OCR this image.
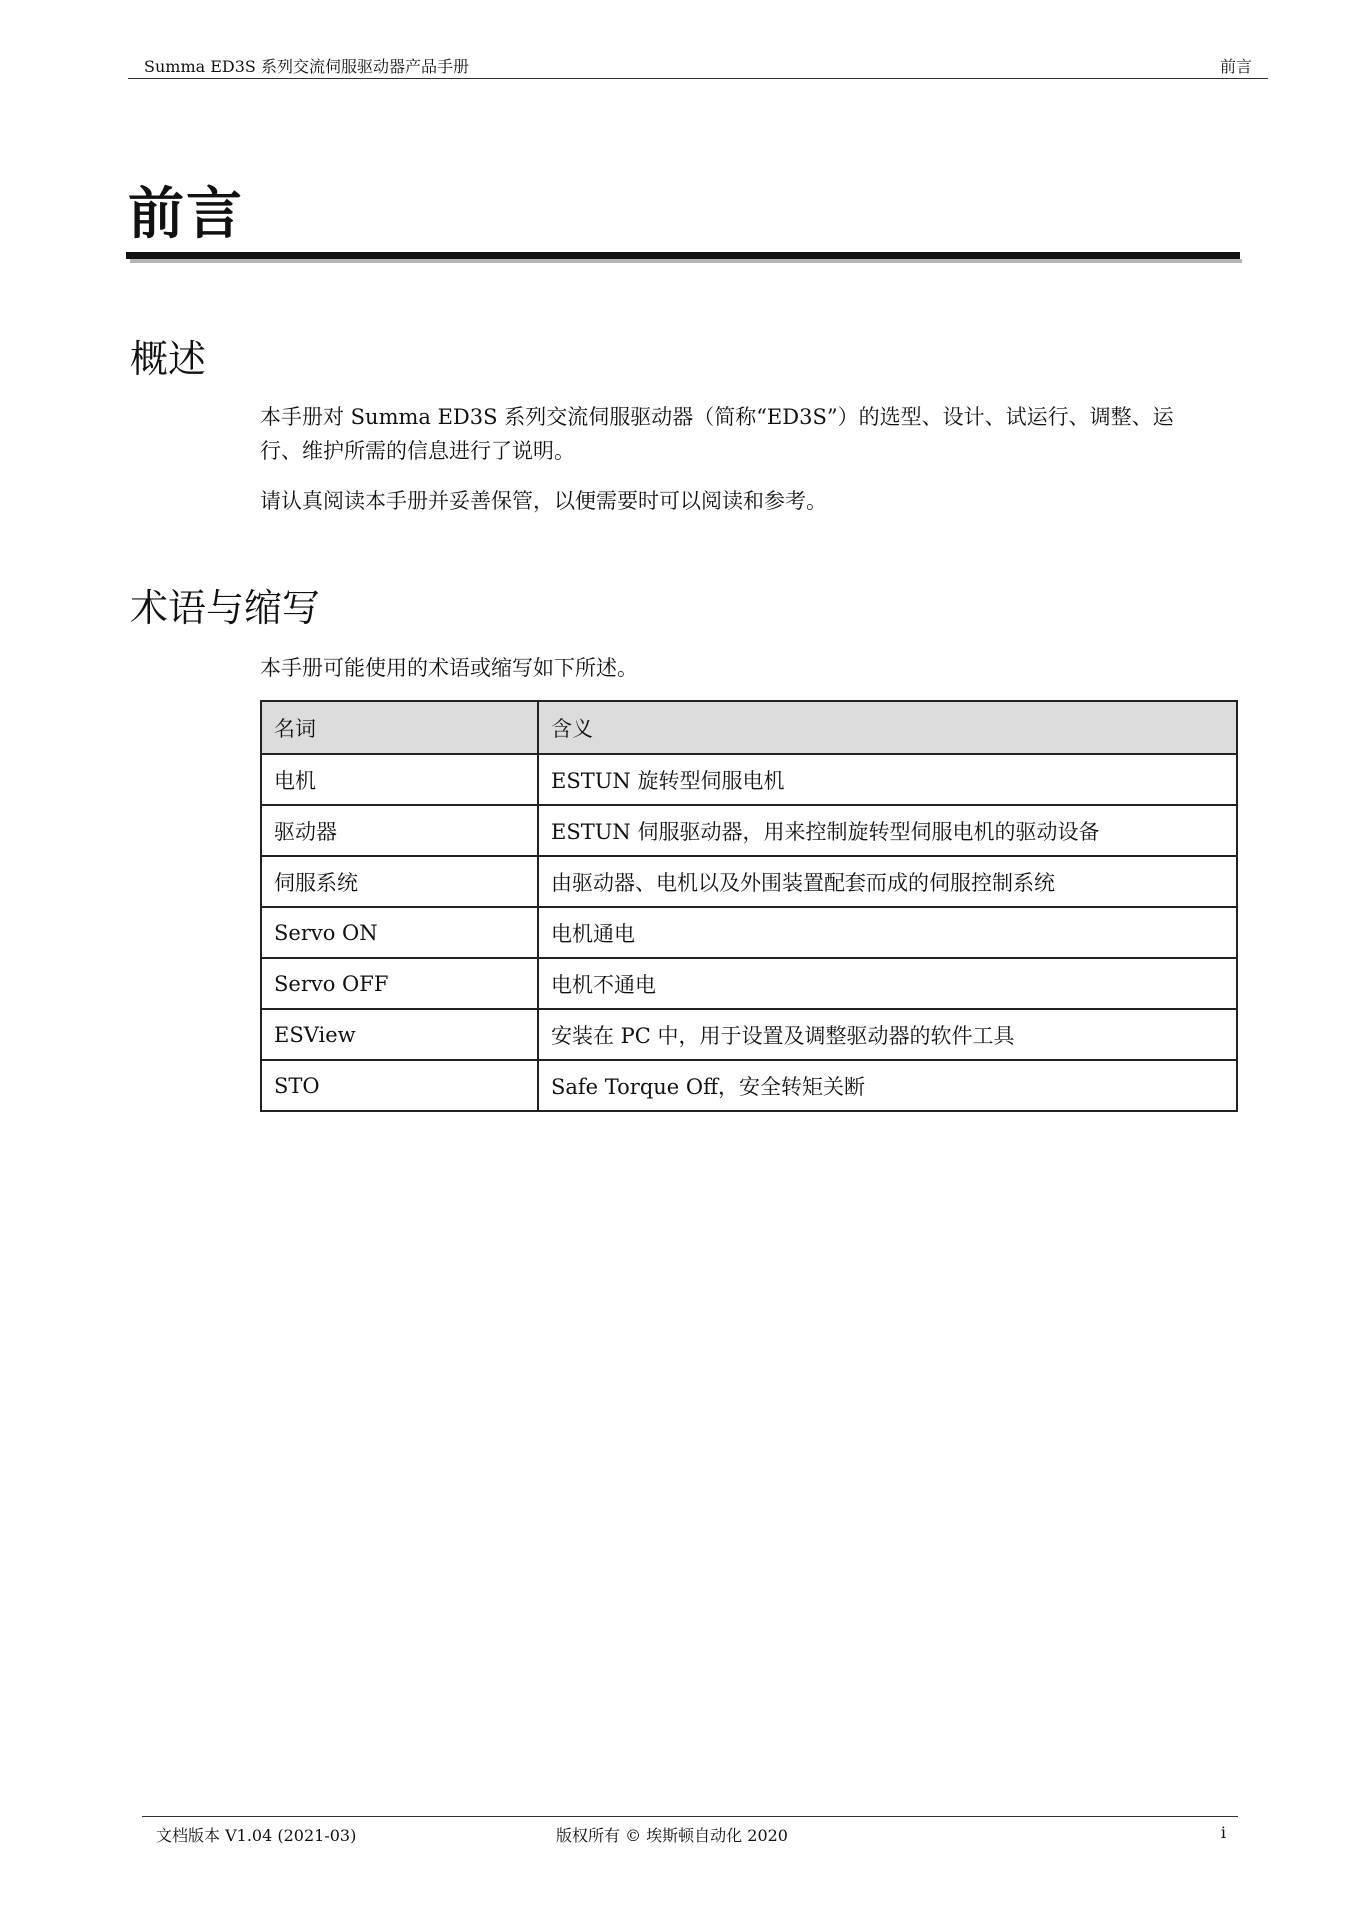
Summa ED3S 系列交流伺服驱动器产品手册	前言
前言
概述
本手册对 Summa ED3S 系列交流伺服驱动器（简称“ED3S”）的选型、设计、试运行、调整、运
行、维护所需的信息进行了说明。
请认真阅读本手册并妥善保管，以便需要时可以阅读和参考。
术语与缩写
本手册可能使用的术语或缩写如下所述。
名词	含义
电机	ESTUN 旋转型伺服电机
驱动器	ESTUN 伺服驱动器，用来控制旋转型伺服电机的驱动设备
伺服系统	由驱动器、电机以及外围装置配套而成的伺服控制系统
Servo ON	电机通电
Servo OFF	电机不通电
ESView	安装在 PC 中，用于设置及调整驱动器的软件工具
STO	Safe Torque Off，安全转矩关断
文档版本 V1.04 (2021-03)	版权所有 © 埃斯顿自动化 2020	i
